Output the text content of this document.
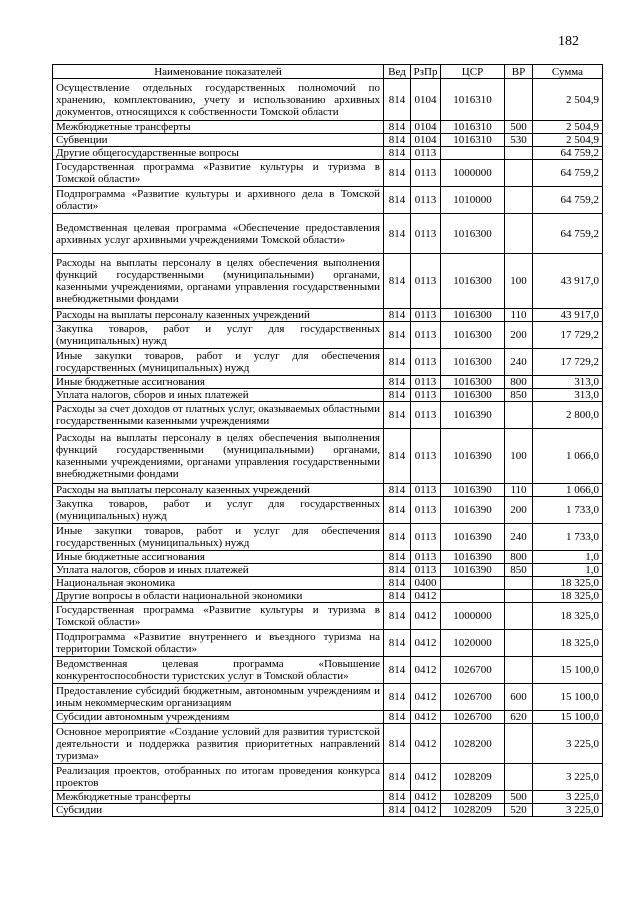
182
Наименование показателей	Вед	РзПр	ЦСР	ВР	Сумма
Осуществление отдельных государственных полномочий по хранению, комплектованию, учету и использованию архивных документов, относящихся к собственности Томской области	814	0104	1016310		2 504,9
Межбюджетные трансферты	814	0104	1016310	500	2 504,9
Субвенции	814	0104	1016310	530	2 504,9
Другие общегосударственные вопросы	814	0113			64 759,2
Государственная программа «Развитие культуры и туризма в Томской области»	814	0113	1000000		64 759,2
Подпрограмма «Развитие культуры и архивного дела в Томской области»	814	0113	1010000		64 759,2
Ведомственная целевая программа «Обеспечение предоставления архивных услуг архивными учреждениями Томской области»	814	0113	1016300		64 759,2
Расходы на выплаты персоналу в целях обеспечения выполнения функций государственными (муниципальными) органами, казенными учреждениями, органами управления государственными внебюджетными фондами	814	0113	1016300	100	43 917,0
Расходы на выплаты персоналу казенных учреждений	814	0113	1016300	110	43 917,0
Закупка товаров, работ и услуг для государственных (муниципальных) нужд	814	0113	1016300	200	17 729,2
Иные закупки товаров, работ и услуг для обеспечения государственных (муниципальных) нужд	814	0113	1016300	240	17 729,2
Иные бюджетные ассигнования	814	0113	1016300	800	313,0
Уплата налогов, сборов и иных платежей	814	0113	1016300	850	313,0
Расходы за счет доходов от платных услуг, оказываемых областными государственными казенными учреждениями	814	0113	1016390		2 800,0
Расходы на выплаты персоналу в целях обеспечения выполнения функций государственными (муниципальными) органами, казенными учреждениями, органами управления государственными внебюджетными фондами	814	0113	1016390	100	1 066,0
Расходы на выплаты персоналу казенных учреждений	814	0113	1016390	110	1 066,0
Закупка товаров, работ и услуг для государственных (муниципальных) нужд	814	0113	1016390	200	1 733,0
Иные закупки товаров, работ и услуг для обеспечения государственных (муниципальных) нужд	814	0113	1016390	240	1 733,0
Иные бюджетные ассигнования	814	0113	1016390	800	1,0
Уплата налогов, сборов и иных платежей	814	0113	1016390	850	1,0
Национальная экономика	814	0400			18 325,0
Другие вопросы в области национальной экономики	814	0412			18 325,0
Государственная программа «Развитие культуры и туризма в Томской области»	814	0412	1000000		18 325,0
Подпрограмма «Развитие внутреннего и въездного туризма на территории Томской области»	814	0412	1020000		18 325,0
Ведомственная целевая программа «Повышение конкурентоспособности туристских услуг в Томской области»	814	0412	1026700		15 100,0
Предоставление субсидий бюджетным, автономным учреждениям и иным некоммерческим организациям	814	0412	1026700	600	15 100,0
Субсидии автономным учреждениям	814	0412	1026700	620	15 100,0
Основное мероприятие «Создание условий для развития туристской деятельности и поддержка развития приоритетных направлений туризма»	814	0412	1028200		3 225,0
Реализация проектов, отобранных по итогам проведения конкурса проектов	814	0412	1028209		3 225,0
Межбюджетные трансферты	814	0412	1028209	500	3 225,0
Субсидии	814	0412	1028209	520	3 225,0
